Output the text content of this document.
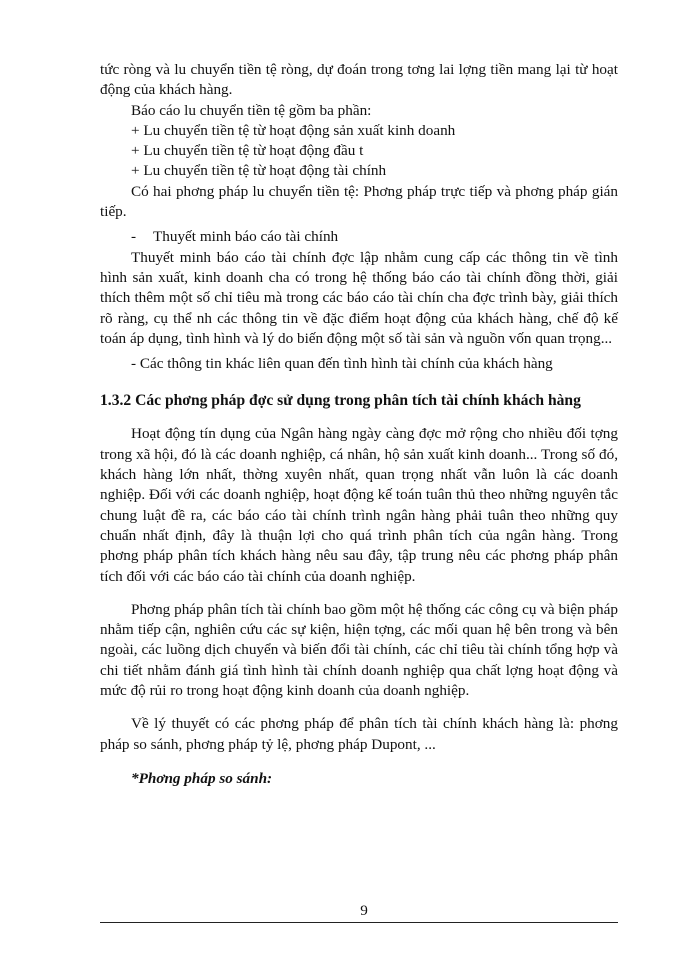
tức ròng và lu chuyển tiền tệ ròng, dự đoán trong tơng lai lợng tiền mang lại từ hoạt động của khách hàng.

Báo cáo lu chuyển tiền tệ gồm ba phần:

+ Lu chuyển tiền tệ từ hoạt động sản xuất kinh doanh

+ Lu chuyển tiền tệ từ hoạt động đầu t

+ Lu chuyển tiền tệ từ hoạt động tài chính

Có hai phơng pháp lu chuyển tiền tệ: Phơng pháp trực tiếp và phơng pháp gián tiếp.

- Thuyết minh báo cáo tài chính

Thuyết minh báo cáo tài chính đợc lập nhằm cung cấp các thông tin về tình hình sản xuất, kinh doanh cha có trong hệ thống báo cáo tài chính đồng thời, giải thích thêm một số chỉ tiêu mà trong các báo cáo tài chín cha đợc trình bày, giải thích rõ ràng, cụ thể nh các thông tin về đặc điểm hoạt động của khách hàng, chế độ kế toán áp dụng, tình hình và lý do biến động một số tài sản và nguồn vốn quan trọng...

- Các thông tin khác liên quan đến tình hình tài chính của khách hàng

1.3.2 Các phơng pháp đợc sử dụng trong phân tích tài chính khách hàng

Hoạt động tín dụng của Ngân hàng ngày càng đợc mở rộng cho nhiều đối tợng trong xã hội, đó là các doanh nghiệp, cá nhân, hộ sản xuất kinh doanh... Trong số đó, khách hàng lớn nhất, thờng xuyên nhất, quan trọng nhất vẫn luôn là các doanh nghiệp. Đối với các doanh nghiệp, hoạt động kế toán tuân thủ theo những nguyên tắc chung luật đề ra, các báo cáo tài chính trình ngân hàng phải tuân theo những quy chuẩn nhất định, đây là thuận lợi cho quá trình phân tích của ngân hàng. Trong phơng pháp phân tích khách hàng nêu sau đây, tập trung nêu các phơng pháp phân tích đối với các báo cáo tài chính của doanh nghiệp.

Phơng pháp phân tích tài chính bao gồm một hệ thống các công cụ và biện pháp nhằm tiếp cận, nghiên cứu các sự kiện, hiện tợng, các mối quan hệ bên trong và bên ngoài, các luồng dịch chuyển và biến đổi tài chính, các chỉ tiêu tài chính tổng hợp và chi tiết nhằm đánh giá tình hình tài chính doanh nghiệp qua chất lợng hoạt động và mức độ rủi ro trong hoạt động kinh doanh của doanh nghiệp.

Về lý thuyết có các phơng pháp để phân tích tài chính khách hàng là: phơng pháp so sánh, phơng pháp tỷ lệ, phơng pháp Dupont, ...

*Phơng pháp so sánh:

9
